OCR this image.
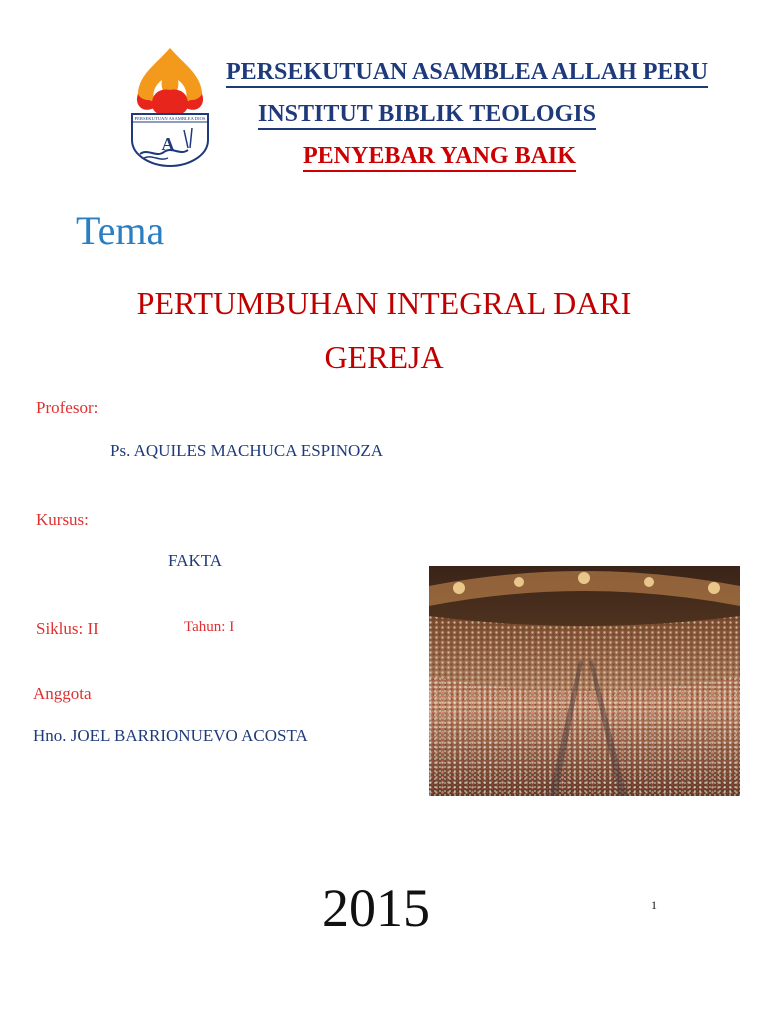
PERSEKUTUAN ASAMBLEA DIOS
A
PERSEKUTUAN ASAMBLEA ALLAH PERU
INSTITUT BIBLIK TEOLOGIS
PENYEBAR YANG BAIK
Tema
PERTUMBUHAN INTEGRAL DARI
GEREJA
Profesor:
Ps. AQUILES MACHUCA ESPINOZA
Kursus:
FAKTA
Siklus: II	Tahun: I
Anggota
Hno. JOEL BARRIONUEVO ACOSTA
2015	1
